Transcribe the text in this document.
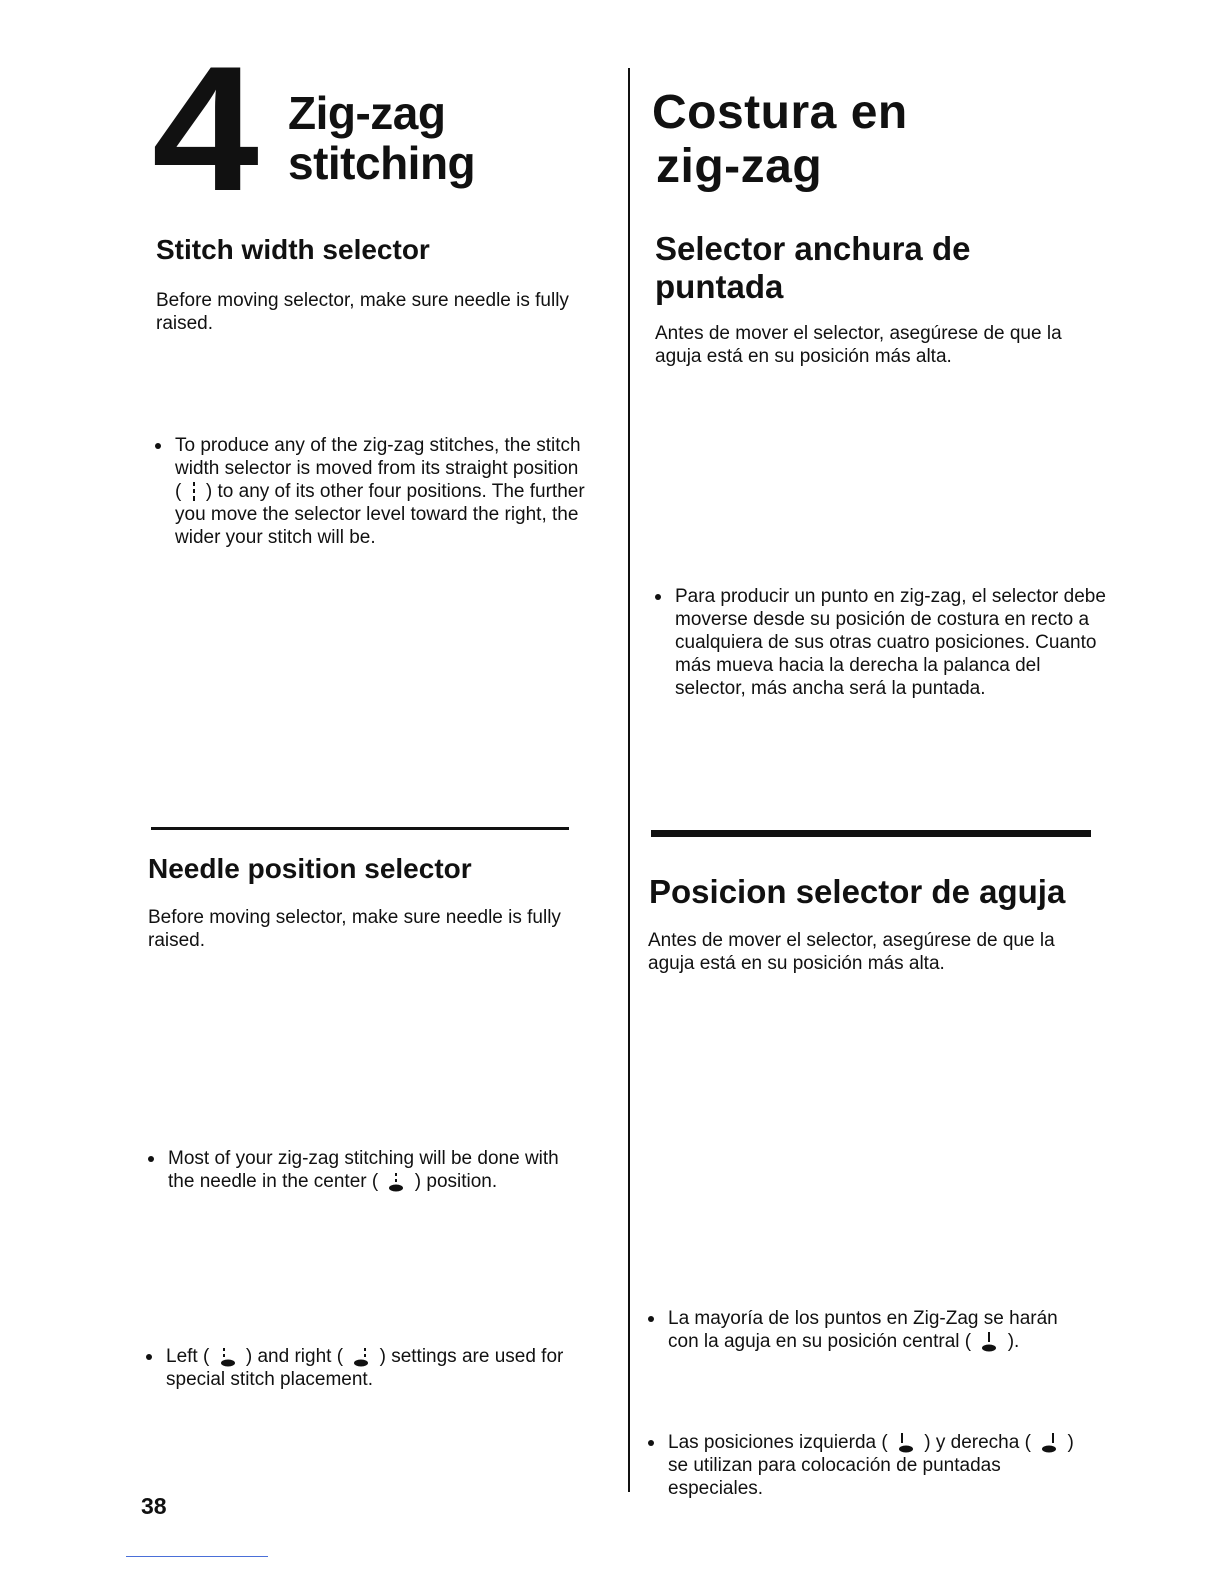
4 Zig-zag
stitching
Costura en
zig-zag
Stitch width selector
Before moving selector, make sure needle is fully raised.
To produce any of the zig-zag stitches, the stitch width selector is moved from its straight position ( ) to any of its other four positions. The further you move the selector level toward the right, the wider your stitch will be.
Needle position selector
Before moving selector, make sure needle is fully raised.
Most of your zig-zag stitching will be done with the needle in the center ( ) position.
Left ( ) and right ( ) settings are used for special stitch placement.
Selector anchura de puntada
Antes de mover el selector, asegúrese de que la aguja está en su posición más alta.
Para producir un punto en zig-zag, el selector debe moverse desde su posición de costura en recto a cualquiera de sus otras cuatro posiciones. Cuanto más mueva hacia la derecha la palanca del selector, más ancha será la puntada.
Posicion selector de aguja
Antes de mover el selector, asegúrese de que la aguja está en su posición más alta.
La mayoría de los puntos en Zig-Zag se harán con la aguja en su posición central ( ).
Las posiciones izquierda ( ) y derecha ( ) se utilizan para colocación de puntadas especiales.
38
